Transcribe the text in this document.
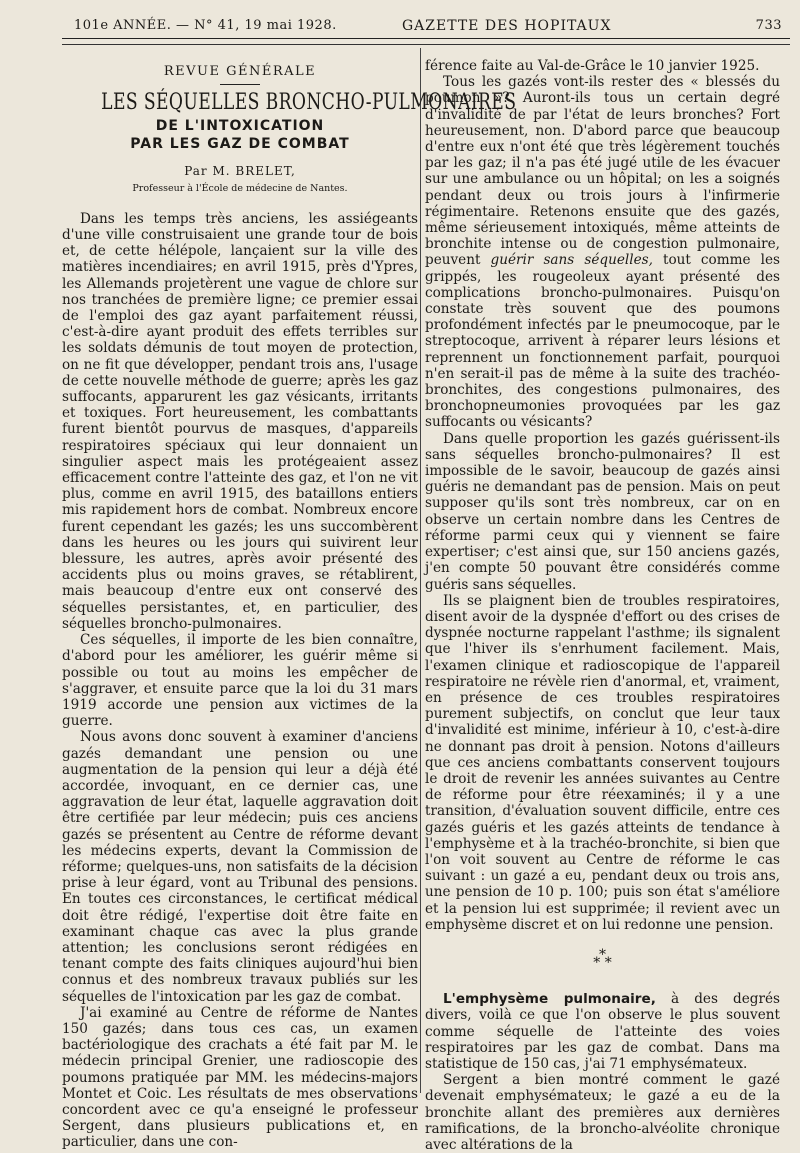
101e ANNÉE. — N° 41, 19 mai 1928.	GAZETTE DES HOPITAUX	733
REVUE GÉNÉRALE
LES SÉQUELLES BRONCHO-PULMONAIRES
DE L'INTOXICATION
PAR LES GAZ DE COMBAT
Par M. BRELET,
Professeur à l'École de médecine de Nantes.

Dans les temps très anciens, les assiégeants d'une ville construisaient une grande tour de bois et, de cette hélépole, lançaient sur la ville des matières incendiaires; en avril 1915, près d'Ypres, les Allemands projetèrent une vague de chlore sur nos tranchées de première ligne; ce premier essai de l'emploi des gaz ayant parfaitement réussi, c'est-à-dire ayant produit des effets terribles sur les soldats démunis de tout moyen de protection, on ne fit que développer, pendant trois ans, l'usage de cette nouvelle méthode de guerre; après les gaz suffocants, apparurent les gaz vésicants, irritants et toxiques. Fort heureusement, les combattants furent bientôt pourvus de masques, d'appareils respiratoires spéciaux qui leur donnaient un singulier aspect mais les protégeaient assez efficacement contre l'atteinte des gaz, et l'on ne vit plus, comme en avril 1915, des bataillons entiers mis rapidement hors de combat. Nombreux encore furent cependant les gazés; les uns succombèrent dans les heures ou les jours qui suivirent leur blessure, les autres, après avoir présenté des accidents plus ou moins graves, se rétablirent, mais beaucoup d'entre eux ont conservé des séquelles persistantes, et, en particulier, des séquelles broncho-pulmonaires.

Ces séquelles, il importe de les bien connaître, d'abord pour les améliorer, les guérir même si possible ou tout au moins les empêcher de s'aggraver, et ensuite parce que la loi du 31 mars 1919 accorde une pension aux victimes de la guerre.

Nous avons donc souvent à examiner d'anciens gazés demandant une pension ou une augmentation de la pension qui leur a déjà été accordée, invoquant, en ce dernier cas, une aggravation de leur état, laquelle aggravation doit être certifiée par leur médecin; puis ces anciens gazés se présentent au Centre de réforme devant les médecins experts, devant la Commission de réforme; quelques-uns, non satisfaits de la décision prise à leur égard, vont au Tribunal des pensions. En toutes ces circonstances, le certificat médical doit être rédigé, l'expertise doit être faite en examinant chaque cas avec la plus grande attention; les conclusions seront rédigées en tenant compte des faits cliniques aujourd'hui bien connus et des nombreux travaux publiés sur les séquelles de l'intoxication par les gaz de combat.

J'ai examiné au Centre de réforme de Nantes 150 gazés; dans tous ces cas, un examen bactériologique des crachats a été fait par M. le médecin principal Grenier, une radioscopie des poumons pratiquée par MM. les médecins-majors Montet et Coic. Les résultats de mes observations concordent avec ce qu'a enseigné le professeur Sergent, dans plusieurs publications et, en particulier, dans une con-

férence faite au Val-de-Grâce le 10 janvier 1925.

Tous les gazés vont-ils rester des « blessés du poumon »? Auront-ils tous un certain degré d'invalidité de par l'état de leurs bronches? Fort heureusement, non. D'abord parce que beaucoup d'entre eux n'ont été que très légèrement touchés par les gaz; il n'a pas été jugé utile de les évacuer sur une ambulance ou un hôpital; on les a soignés pendant deux ou trois jours à l'infirmerie régimentaire. Retenons ensuite que des gazés, même sérieusement intoxiqués, même atteints de bronchite intense ou de congestion pulmonaire, peuvent guérir sans séquelles, tout comme les grippés, les rougeoleux ayant présenté des complications broncho-pulmonaires. Puisqu'on constate très souvent que des poumons profondément infectés par le pneumocoque, par le streptocoque, arrivent à réparer leurs lésions et reprennent un fonctionnement parfait, pourquoi n'en serait-il pas de même à la suite des trachéo-bronchites, des congestions pulmonaires, des bronchopneumonies provoquées par les gaz suffocants ou vésicants?

Dans quelle proportion les gazés guérissent-ils sans séquelles broncho-pulmonaires? Il est impossible de le savoir, beaucoup de gazés ainsi guéris ne demandant pas de pension. Mais on peut supposer qu'ils sont très nombreux, car on en observe un certain nombre dans les Centres de réforme parmi ceux qui y viennent se faire expertiser; c'est ainsi que, sur 150 anciens gazés, j'en compte 50 pouvant être considérés comme guéris sans séquelles.

Ils se plaignent bien de troubles respiratoires, disent avoir de la dyspnée d'effort ou des crises de dyspnée nocturne rappelant l'asthme; ils signalent que l'hiver ils s'enrhument facilement. Mais, l'examen clinique et radioscopique de l'appareil respiratoire ne révèle rien d'anormal, et, vraiment, en présence de ces troubles respiratoires purement subjectifs, on conclut que leur taux d'invalidité est minime, inférieur à 10, c'est-à-dire ne donnant pas droit à pension. Notons d'ailleurs que ces anciens combattants conservent toujours le droit de revenir les années suivantes au Centre de réforme pour être réexaminés; il y a une transition, d'évaluation souvent difficile, entre ces gazés guéris et les gazés atteints de tendance à l'emphysème et à la trachéo-bronchite, si bien que l'on voit souvent au Centre de réforme le cas suivant : un gazé a eu, pendant deux ou trois ans, une pension de 10 p. 100; puis son état s'améliore et la pension lui est supprimée; il revient avec un emphysème discret et on lui redonne une pension.

*
* *

L'emphysème pulmonaire, à des degrés divers, voilà ce que l'on observe le plus souvent comme séquelle de l'atteinte des voies respiratoires par les gaz de combat. Dans ma statistique de 150 cas, j'ai 71 emphysémateux.

Sergent a bien montré comment le gazé devenait emphysémateux; le gazé a eu de la bronchite allant des premières aux dernières ramifications, de la broncho-alvéolite chronique avec altérations de la
